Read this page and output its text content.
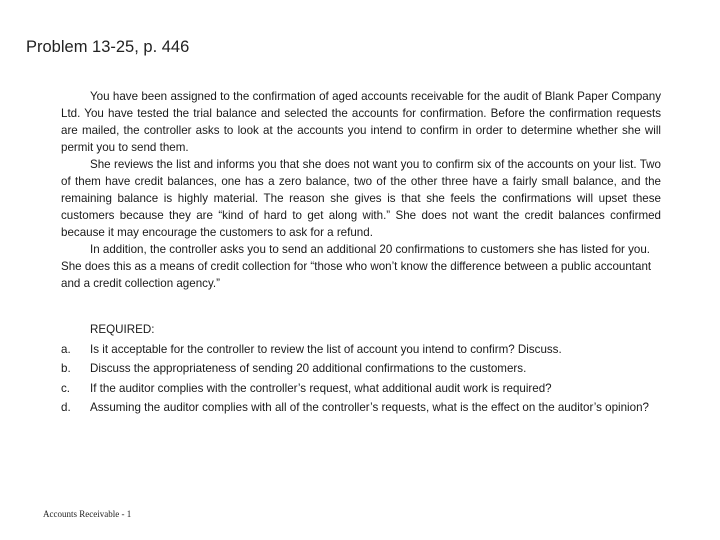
Problem 13-25, p. 446

You have been assigned to the confirmation of aged accounts receivable for the audit of Blank Paper Company Ltd. You have tested the trial balance and selected the accounts for confirmation. Before the confirmation requests are mailed, the controller asks to look at the accounts you intend to confirm in order to determine whether she will permit you to send them.

She reviews the list and informs you that she does not want you to confirm six of the accounts on your list. Two of them have credit balances, one has a zero balance, two of the other three have a fairly small balance, and the remaining balance is highly material. The reason she gives is that she feels the confirmations will upset these customers because they are “kind of hard to get along with.” She does not want the credit balances confirmed because it may encourage the customers to ask for a refund.

In addition, the controller asks you to send an additional 20 confirmations to customers she has listed for you. She does this as a means of credit collection for “those who won’t know the difference between a public accountant and a credit collection agency.”

REQUIRED:
a. Is it acceptable for the controller to review the list of account you intend to confirm? Discuss.
b. Discuss the appropriateness of sending 20 additional confirmations to the customers.
c. If the auditor complies with the controller’s request, what additional audit work is required?
d. Assuming the auditor complies with all of the controller’s requests, what is the effect on the auditor’s opinion?
Accounts Receivable - 1
